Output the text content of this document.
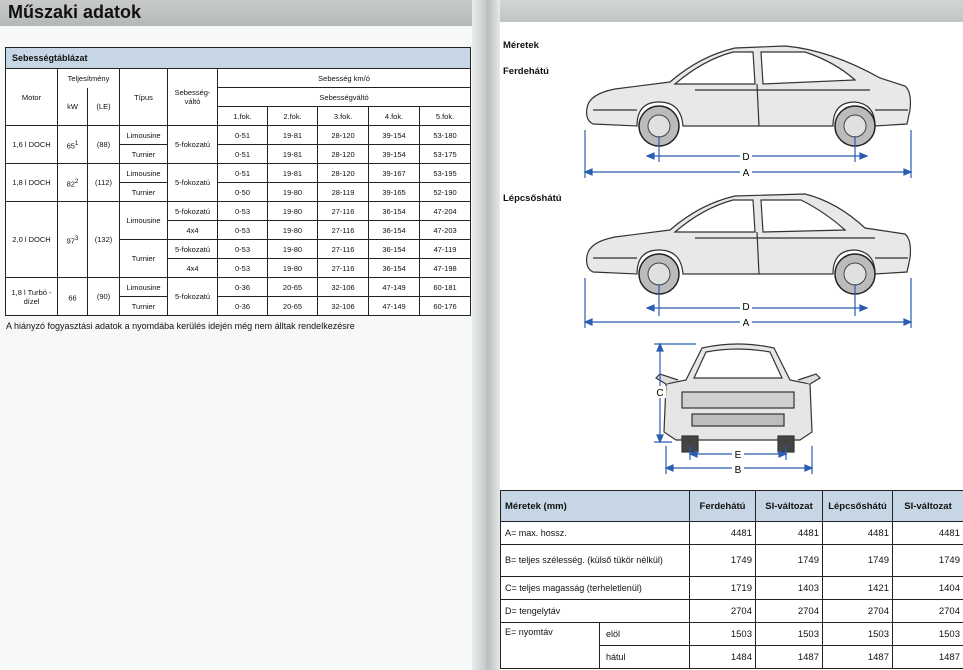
Műszaki adatok
Sebességtáblázat									
Motor	Teljesítmény		Típus	Sebesség-váltó	Sebesség km/ó				
	kW	(LE)			Sebességváltó				
					1.fok.	2.fok.	3.fok.	4.fok.	5.fok.
1,6 l DOCH	$65^1$	(88)	Limousine	5-fokozatú	0-51	19-81	28-120	39-154	53-180
			Turnier		0-51	19-81	28-120	39-154	53-175
1,8 l DOCH	$82^2$	(112)	Limousine	5-fokozatú	0-51	19-81	28-120	39-167	53-195
			Turnier		0-50	19-80	28-119	39-165	52-190
2,0 l DOCH	$97^3$	(132)	Limousine	5-fokozatú	0-53	19-80	27-116	36-154	47-204
				4x4	0-53	19-80	27-116	36-154	47-203
			Turnier	5-fokozatú	0-53	19-80	27-116	36-154	47-119
				4x4	0-53	19-80	27-116	36-154	47-198
1,8 l Turbó -dízel	66	(90)	Limousine	5-fokozatú	0-36	20-65	32-106	47-149	60-181
			Turnier		0-36	20-65	32-106	47-149	60-176
A hiányzó fogyasztási adatok a nyomdába kerülés idején még nem álltak rendelkezésre
Méretek
Ferdehátú
Lépcsőshátú
D
A
D
A
C
E
B
Méretek (mm)		Ferdehátú	SI-változat	Lépcsőshátú	SI-változat
A= max. hossz.		4481	4481	4481	4481
B= teljes szélesség. (külső tükör nélkül)		1749	1749	1749	1749
C= teljes magasság (terheletlenül)		1719	1403	1421	1404
D= tengelytáv		2704	2704	2704	2704
E= nyomtáv	elöl	1503	1503	1503	1503
	hátul	1484	1487	1487	1487
